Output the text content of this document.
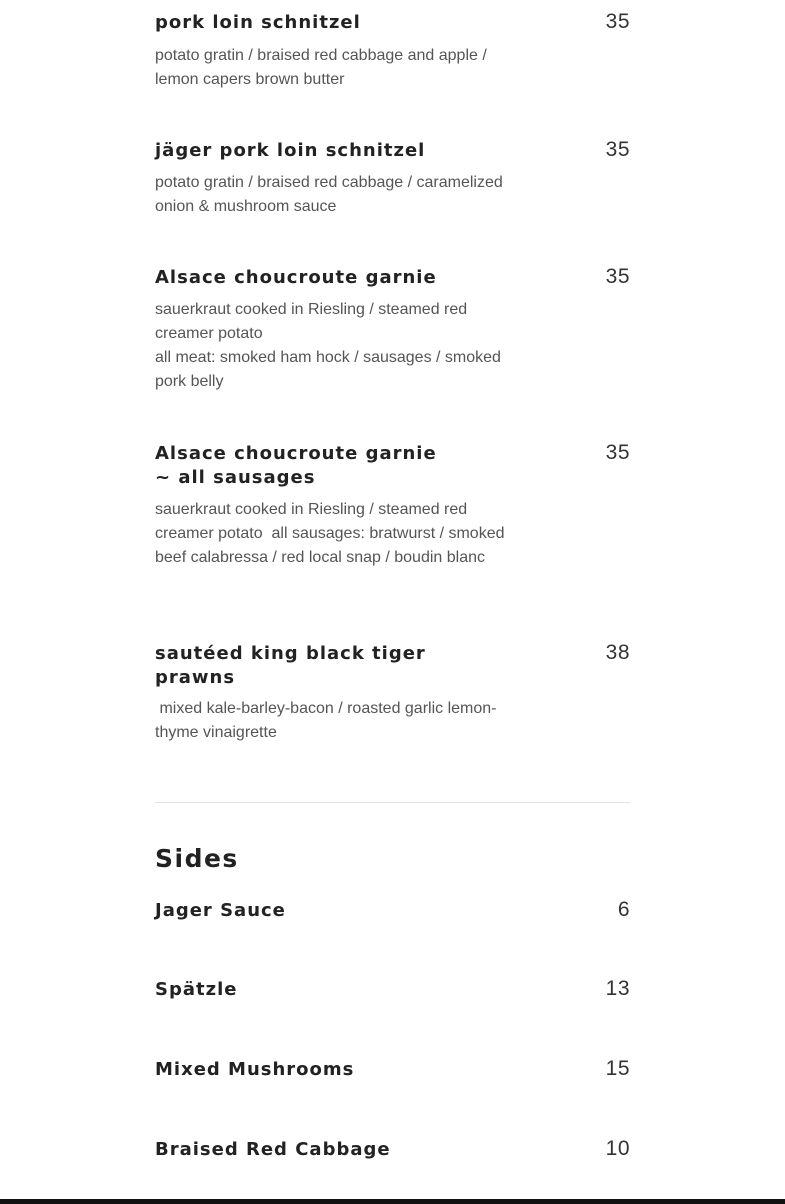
pork loin schnitzel	35

potato gratin / braised red cabbage and apple / lemon capers brown butter

jäger pork loin schnitzel	35

potato gratin / braised red cabbage / caramelized onion & mushroom sauce

Alsace choucroute garnie	35

sauerkraut cooked in Riesling / steamed red creamer potato
all meat: smoked ham hock / sausages / smoked pork belly

Alsace choucroute garnie ~ all sausages
35

sauerkraut cooked in Riesling / steamed red creamer potato  all sausages: bratwurst / smoked beef calabressa / red local snap / boudin blanc

sautéed king black tiger prawns
38

mixed kale-barley-bacon / roasted garlic lemon-thyme vinaigrette

Sides
Jager Sauce	6
Spätzle	13
Mixed Mushrooms	15
Braised Red Cabbage	10
